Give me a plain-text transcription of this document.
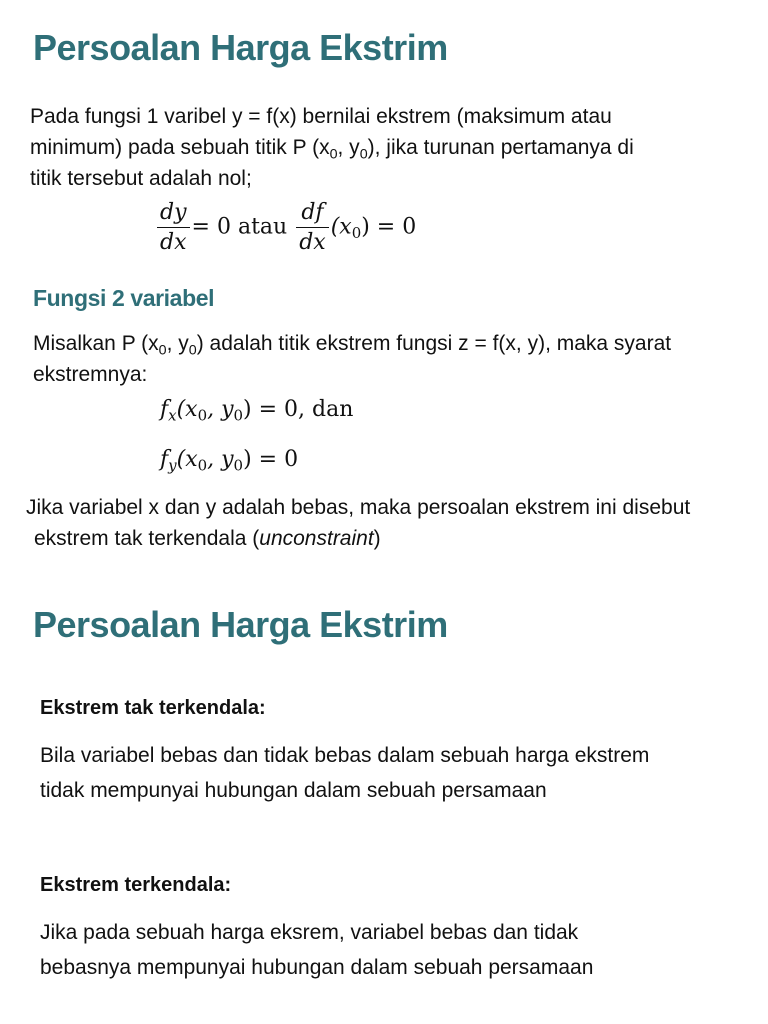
Persoalan Harga Ekstrim
Pada fungsi 1 varibel y = f(x) bernilai ekstrem (maksimum atau
minimum) pada sebuah titik P ($x_0$, $y_0$), jika turunan pertamanya di
titik tersebut adalah nol;
$\frac{dy}{dx} = 0$ atau $\frac{df}{dx} (x_0) = 0$
Fungsi 2 variabel
Misalkan P ($x_0$, $y_0$) adalah titik ekstrem fungsi z = f(x, y), maka syarat
ekstremnya:
$f_x(x_0$, $y_0) = 0$, dan
$f_y(x_0$, $y_0) = 0$
Jika variabel x dan y adalah bebas, maka persoalan ekstrem ini disebut
ekstrem tak terkendala (unconstraint)
Persoalan Harga Ekstrim
Ekstrem tak terkendala:
Bila variabel bebas dan tidak bebas dalam sebuah harga ekstrem
tidak mempunyai hubungan dalam sebuah persamaan
Ekstrem terkendala:
Jika pada sebuah harga eksrem, variabel bebas dan tidak
bebasnya mempunyai hubungan dalam sebuah persamaan
